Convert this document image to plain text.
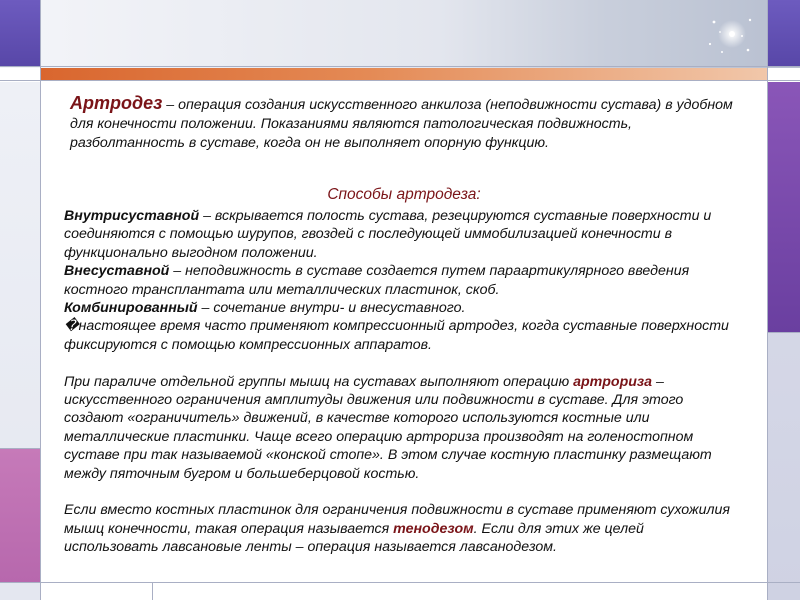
Артродез – операция создания искусственного анкилоза (неподвижности сустава) в удобном для конечности положении. Показаниями являются патологическая подвижность, разболтанность в суставе, когда он не выполняет опорную функцию.
Способы артродеза:

Внутрисуставной – вскрывается полость сустава, резецируются суставные поверхности и соединяются с помощью шурупов, гвоздей с последующей иммобилизацией конечности в функционально выгодном положении.

Внесуставной – неподвижность в суставе создается путем параартикулярного введения костного трансплантата или металлических пластинок, скоб.

Комбинированный – сочетание внутри- и внесуставного.

�настоящее время часто применяют компрессионный артродез, когда суставные поверхности фиксируются с помощью компрессионных аппаратов.

При параличе отдельной группы мышц на суставах выполняют операцию артрориза – искусственного ограничения амплитуды движения или подвижности в суставе. Для этого создают «ограничитель» движений, в качестве которого используются костные или металлические пластинки. Чаще всего операцию артрориза производят на голеностопном суставе при так называемой «конской стопе». В этом случае костную пластинку размещают между пяточным бугром и большеберцовой костью.

Если вместо костных пластинок для ограничения подвижности в суставе применяют сухожилия мышц конечности, такая операция называется тенодезом. Если для этих же целей использовать лавсановые ленты – операция называется лавсанодезом.
